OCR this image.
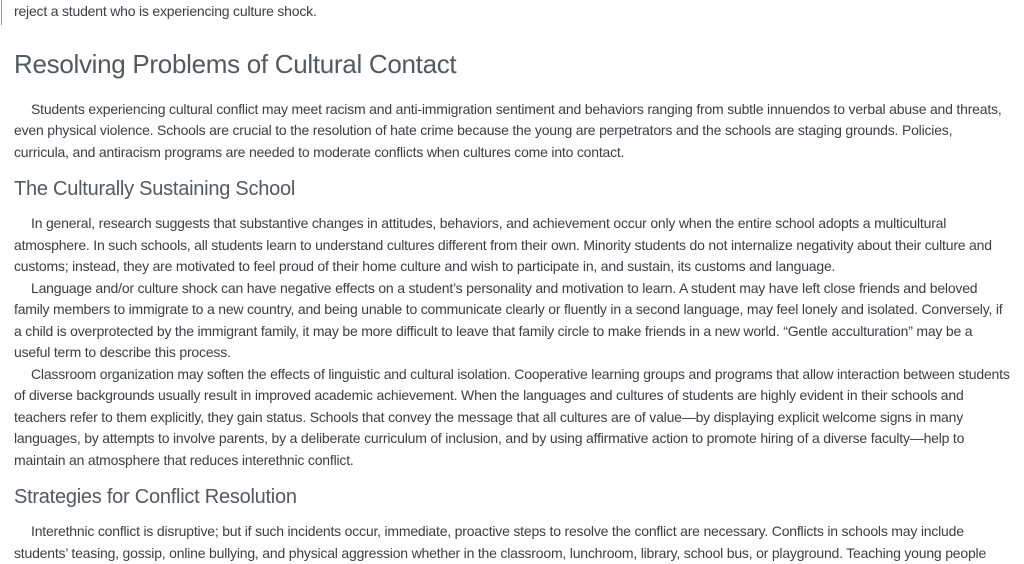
reject a student who is experiencing culture shock.

Resolving Problems of Cultural Contact

Students experiencing cultural conflict may meet racism and anti-immigration sentiment and behaviors ranging from subtle innuendos to verbal abuse and threats, even physical violence. Schools are crucial to the resolution of hate crime because the young are perpetrators and the schools are staging grounds. Policies, curricula, and antiracism programs are needed to moderate conflicts when cultures come into contact.

The Culturally Sustaining School

In general, research suggests that substantive changes in attitudes, behaviors, and achievement occur only when the entire school adopts a multicultural atmosphere. In such schools, all students learn to understand cultures different from their own. Minority students do not internalize negativity about their culture and customs; instead, they are motivated to feel proud of their home culture and wish to participate in, and sustain, its customs and language.

Language and/or culture shock can have negative effects on a student’s personality and motivation to learn. A student may have left close friends and beloved family members to immigrate to a new country, and being unable to communicate clearly or fluently in a second language, may feel lonely and isolated. Conversely, if a child is overprotected by the immigrant family, it may be more difficult to leave that family circle to make friends in a new world. “Gentle acculturation” may be a useful term to describe this process.

Classroom organization may soften the effects of linguistic and cultural isolation. Cooperative learning groups and programs that allow interaction between students of diverse backgrounds usually result in improved academic achievement. When the languages and cultures of students are highly evident in their schools and teachers refer to them explicitly, they gain status. Schools that convey the message that all cultures are of value—by displaying explicit welcome signs in many languages, by attempts to involve parents, by a deliberate curriculum of inclusion, and by using affirmative action to promote hiring of a diverse faculty—help to maintain an atmosphere that reduces interethnic conflict.

Strategies for Conflict Resolution

Interethnic conflict is disruptive; but if such incidents occur, immediate, proactive steps to resolve the conflict are necessary. Conflicts in schools may include students’ teasing, gossip, online bullying, and physical aggression whether in the classroom, lunchroom, library, school bus, or playground. Teaching young people
